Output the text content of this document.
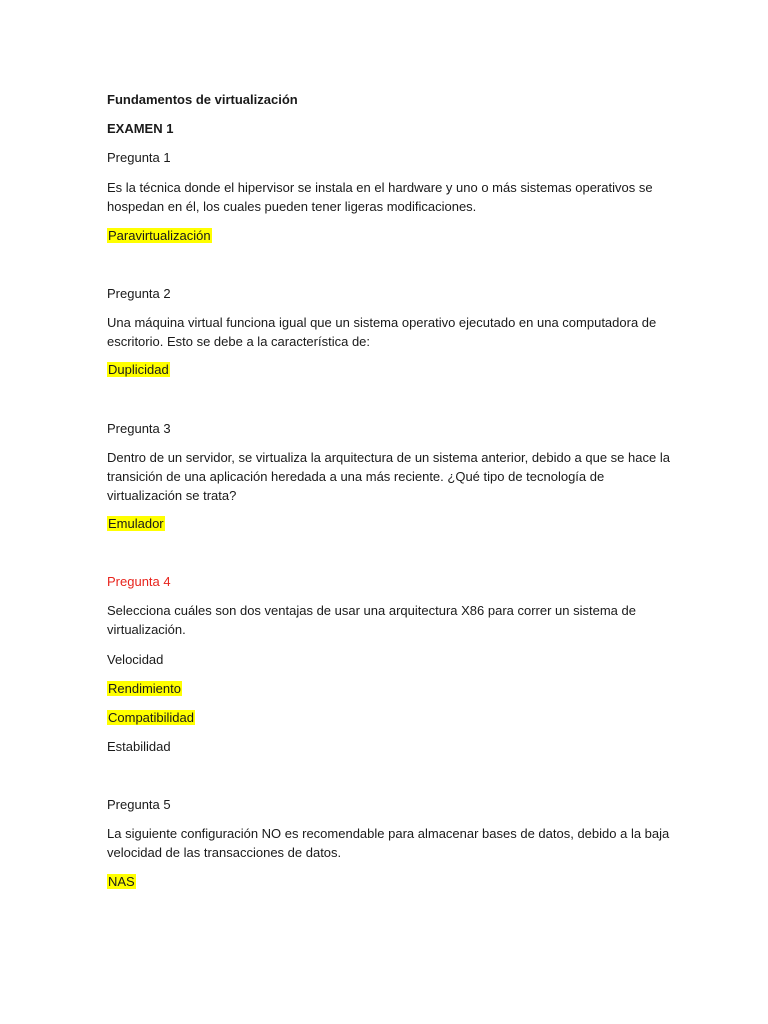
Fundamentos de virtualización
EXAMEN 1
Pregunta 1
Es la técnica donde el hipervisor se instala en el hardware y uno o más sistemas operativos se
hospedan en él, los cuales pueden tener ligeras modificaciones.
Paravirtualización
Pregunta 2
Una máquina virtual funciona igual que un sistema operativo ejecutado en una computadora de
escritorio. Esto se debe a la característica de:
Duplicidad
Pregunta 3
Dentro de un servidor, se virtualiza la arquitectura de un sistema anterior, debido a que se hace la
transición de una aplicación heredada a una más reciente. ¿Qué tipo de tecnología de
virtualización se trata?
Emulador
Pregunta 4
Selecciona cuáles son dos ventajas de usar una arquitectura X86 para correr un sistema de
virtualización.
Velocidad
Rendimiento
Compatibilidad
Estabilidad
Pregunta 5
La siguiente configuración NO es recomendable para almacenar bases de datos, debido a la baja
velocidad de las transacciones de datos.
NAS
